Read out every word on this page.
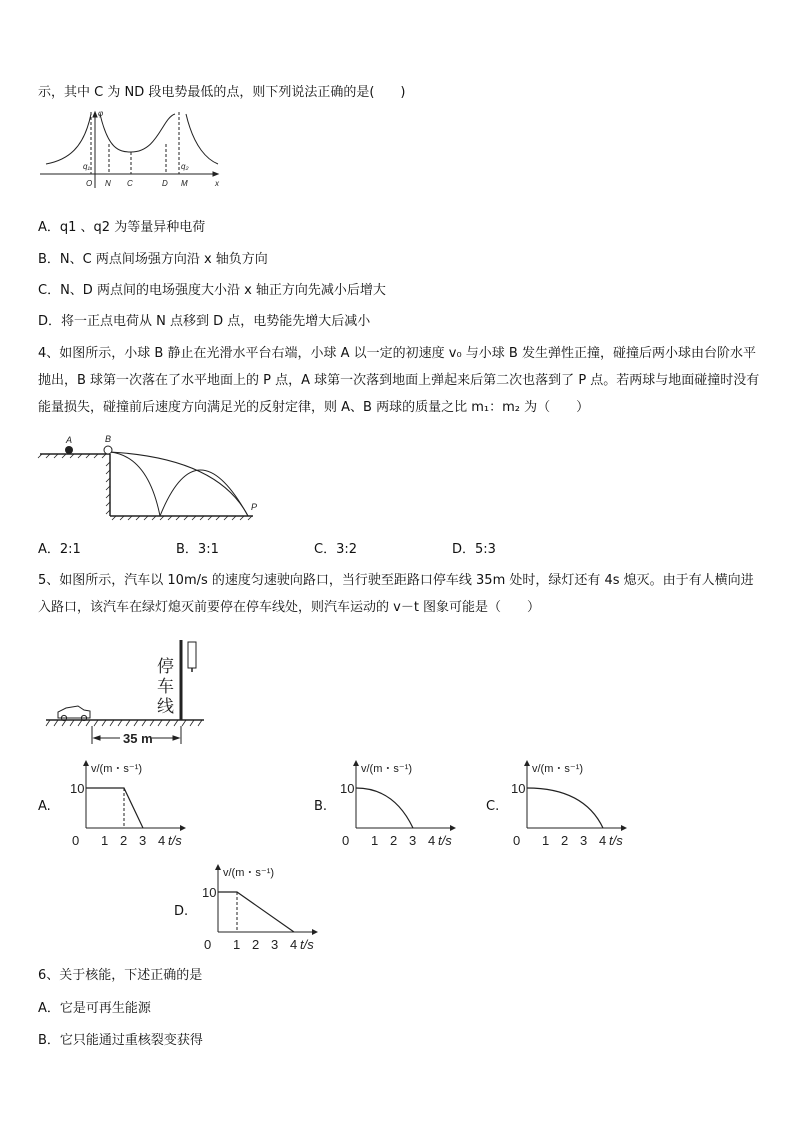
示，其中 C 为 ND 段电势最低的点，则下列说法正确的是(　　)
φ
x
O N C	D M
q₁	q₂
A．q1 、q2 为等量异种电荷
B．N、C 两点间场强方向沿 x 轴负方向
C．N、D 两点间的电场强度大小沿 x 轴正方向先减小后增大
D．将一正点电荷从 N 点移到 D 点，电势能先增大后减小
4、如图所示，小球 B 静止在光滑水平台右端，小球 A 以一定的初速度 v₀ 与小球 B 发生弹性正撞，碰撞后两小球由台阶水平抛出，B 球第一次落在了水平地面上的 P 点，A 球第一次落到地面上弹起来后第二次也落到了 P 点。若两球与地面碰撞时没有能量损失，碰撞前后速度方向满足光的反射定律，则 A、B 两球的质量之比 m₁：m₂ 为（　　）
A	B
P
A．2:1	B．3:1	C．3:2	D．5:3
5、如图所示，汽车以 10m/s 的速度匀速驶向路口，当行驶至距路口停车线 35m 处时，绿灯还有 4s 熄灭。由于有人横向进入路口，该汽车在绿灯熄灭前要停在停车线处，则汽车运动的 v－t 图象可能是（　　）
停
车
线
35 m
A.
10
v/(m・s⁻¹)
0 1 2 3 4 t/s
B.
10
v/(m・s⁻¹)
0 1 2 3 4 t/s
C.
10
v/(m・s⁻¹)
0 1 2 3 4 t/s
D.
10
v/(m・s⁻¹)
0 1 2 3 4 t/s
6、关于核能，下述正确的是
A．它是可再生能源
B．它只能通过重核裂变获得
